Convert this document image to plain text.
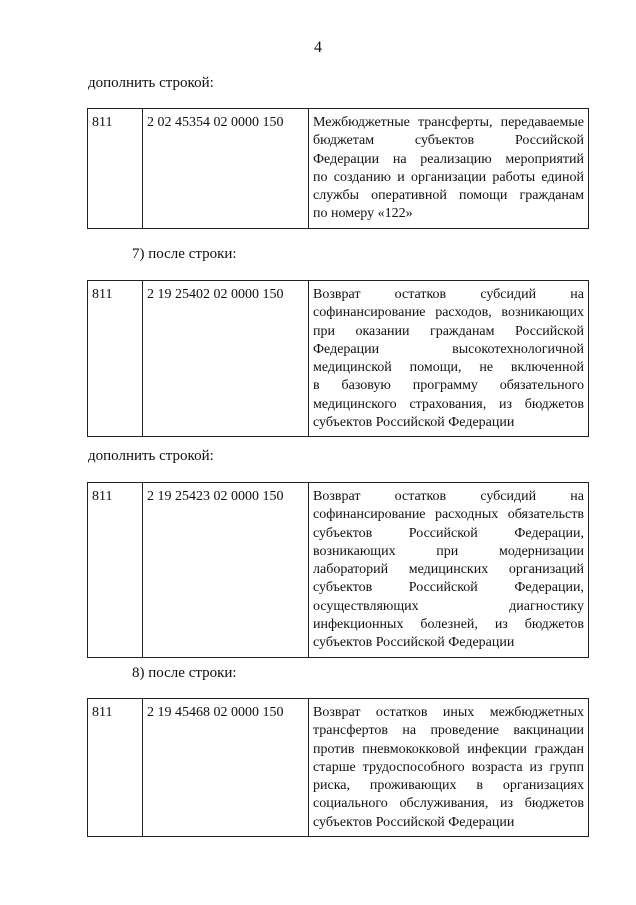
4
дополнить строкой:
811	2 02 45354 02 0000 150	Межбюджетные трансферты, передаваемые
бюджетам субъектов Российской
Федерации на реализацию мероприятий
по созданию и организации работы единой
службы оперативной помощи гражданам
по номеру «122»
7) после строки:
811	2 19 25402 02 0000 150	Возврат остатков субсидий на
софинансирование расходов, возникающих
при оказании гражданам Российской
Федерации высокотехнологичной
медицинской помощи, не включенной
в базовую программу обязательного
медицинского страхования, из бюджетов
субъектов Российской Федерации
дополнить строкой:
811	2 19 25423 02 0000 150	Возврат остатков субсидий на
софинансирование расходных обязательств
субъектов Российской Федерации,
возникающих при модернизации
лабораторий медицинских организаций
субъектов Российской Федерации,
осуществляющих диагностику
инфекционных болезней, из бюджетов
субъектов Российской Федерации
8) после строки:
811	2 19 45468 02 0000 150	Возврат остатков иных межбюджетных
трансфертов на проведение вакцинации
против пневмококковой инфекции граждан
старше трудоспособного возраста из групп
риска, проживающих в организациях
социального обслуживания, из бюджетов
субъектов Российской Федерации
